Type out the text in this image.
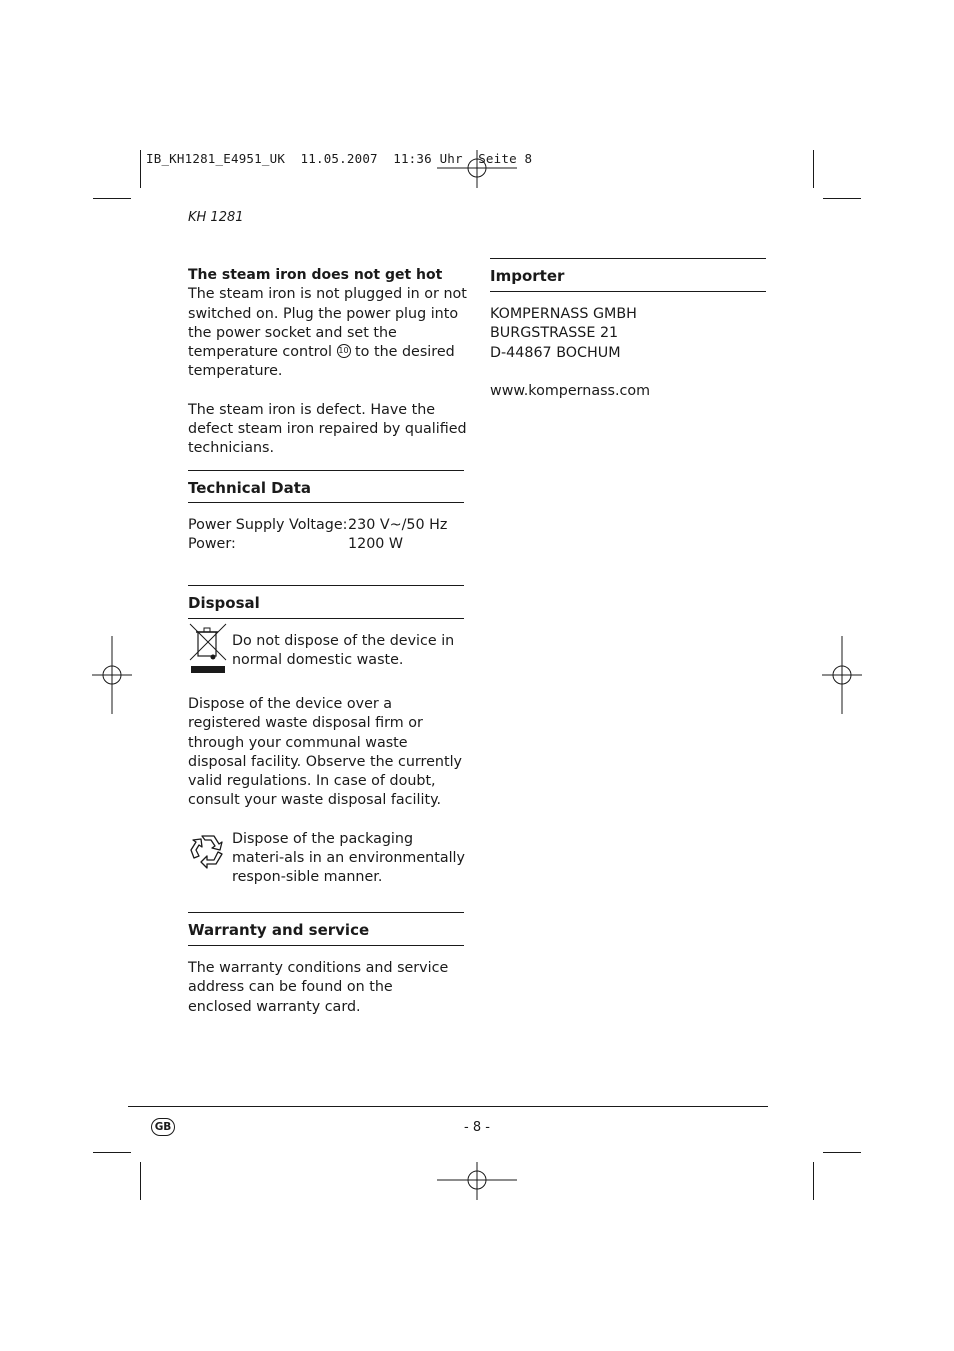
IB_KH1281_E4951_UK  11.05.2007  11:36 Uhr  Seite 8
KH 1281
The steam iron does not get hot

The steam iron is not plugged in or not switched on. Plug the power plug into the power socket and set the temperature control 10 to the desired temperature.

The steam iron is defect. Have the defect steam iron repaired by qualified technicians.

Technical Data
Power Supply Voltage: 230 V~/50 Hz
Power:	1200 W
Disposal
Do not dispose of the device in normal domestic waste.

Dispose of the device over a registered waste disposal firm or through your communal waste disposal facility. Observe the currently valid regulations. In case of doubt, consult your waste disposal facility.

Dispose of the packaging materi-als in an environmentally respon-sible manner.
Warranty and service

The warranty conditions and service address can be found on the enclosed warranty card.

Importer
KOMPERNASS GMBH
BURGSTRASSE 21
D-44867 BOCHUM
www.kompernass.com
GB	- 8 -
